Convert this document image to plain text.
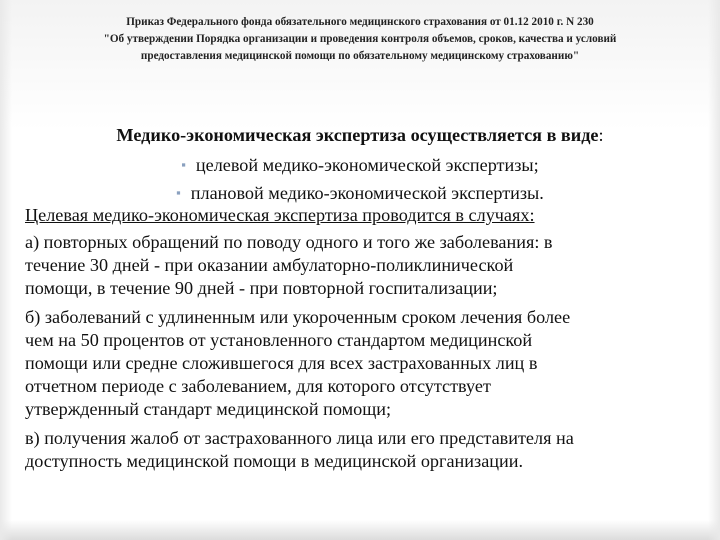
Приказ Федерального фонда обязательного медицинского страхования от 01.12 2010 г. N 230
"Об утверждении Порядка организации и проведения контроля объемов, сроков, качества и условий
предоставления медицинской помощи по обязательному медицинскому страхованию"
Медико-экономическая экспертиза осуществляется в виде:
▪ целевой медико-экономической экспертизы;
▪ плановой медико-экономической экспертизы.
Целевая медико-экономическая экспертиза проводится в случаях:
а) повторных обращений по поводу одного и того же заболевания: в
течение 30 дней - при оказании амбулаторно-поликлинической
помощи, в течение 90 дней - при повторной госпитализации;
б) заболеваний с удлиненным или укороченным сроком лечения более
чем на 50 процентов от установленного стандартом медицинской
помощи или средне сложившегося для всех застрахованных лиц в
отчетном периоде с заболеванием, для которого отсутствует
утвержденный стандарт медицинской помощи;
в) получения жалоб от застрахованного лица или его представителя на
доступность медицинской помощи в медицинской организации.
